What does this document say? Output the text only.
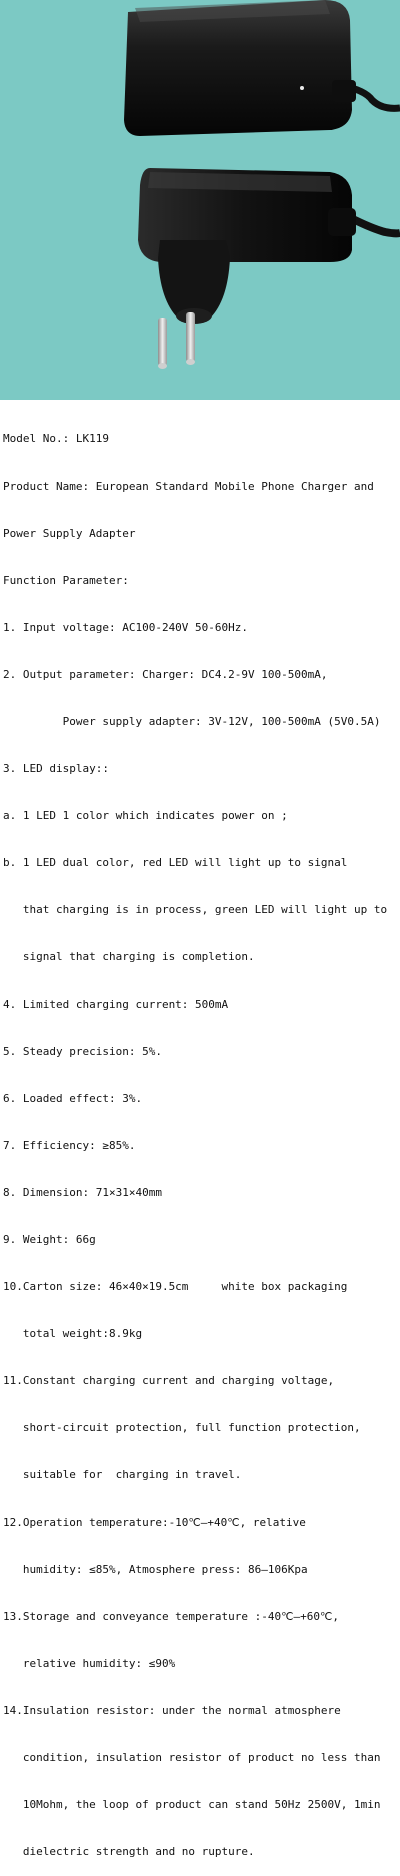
Model No.: LK119

Product Name: European Standard Mobile Phone Charger and

Power Supply Adapter

Function Parameter:

1. Input voltage: AC100-240V 50-60Hz.

2. Output parameter: Charger: DC4.2-9V 100-500mA,

Power supply adapter: 3V-12V, 100-500mA (5V0.5A)

3. LED display::

a. 1 LED 1 color which indicates power on ;

b. 1 LED dual color, red LED will light up to signal

that charging is in process, green LED will light up to

signal that charging is completion.

4. Limited charging current: 500mA

5. Steady precision: 5%.

6. Loaded effect: 3%.

7. Efficiency: ≥85%.

8. Dimension: 71×31×40mm

9. Weight: 66g

10.Carton size: 46×40×19.5cm     white box packaging

total weight:8.9kg

11.Constant charging current and charging voltage,

short-circuit protection, full function protection,

suitable for  charging in travel.

12.Operation temperature:-10℃—+40℃, relative

humidity: ≤85%, Atmosphere press: 86—106Kpa

13.Storage and conveyance temperature :-40℃—+60℃,

relative humidity: ≤90%

14.Insulation resistor: under the normal atmosphere

condition, insulation resistor of product no less than

10Mohm, the loop of product can stand 50Hz 2500V, 1min

dielectric strength and no rupture.
